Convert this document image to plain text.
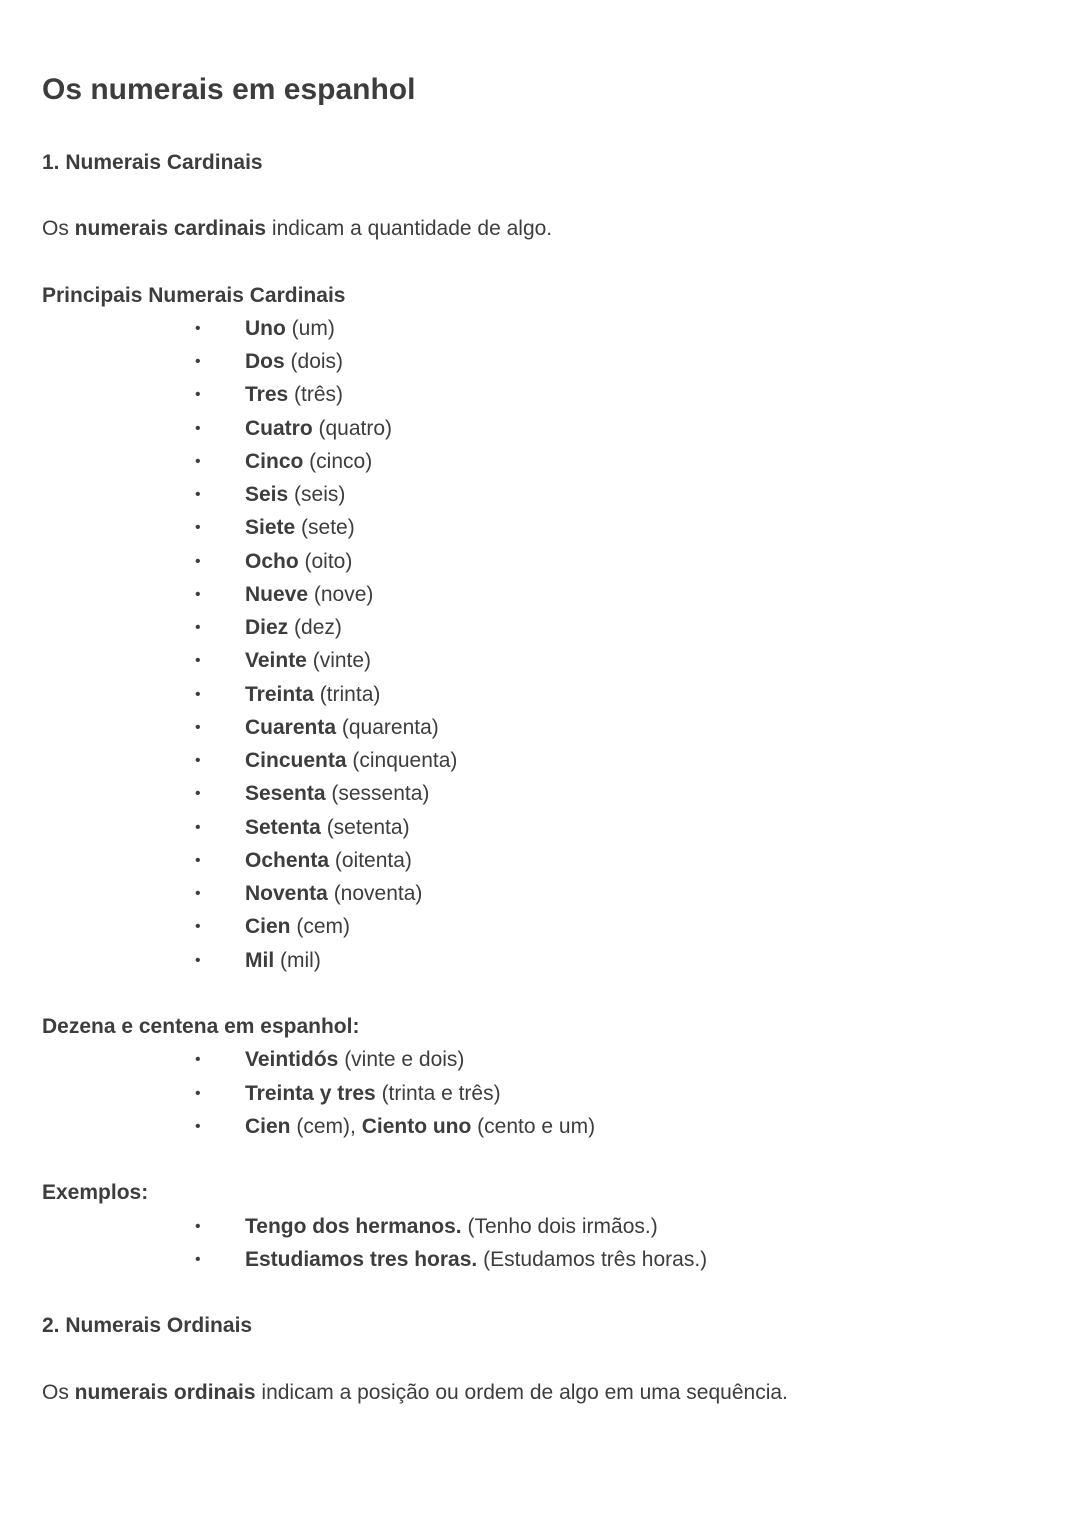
Os numerais em espanhol
1. Numerais Cardinais
Os numerais cardinais indicam a quantidade de algo.
Principais Numerais Cardinais
• Uno (um)
• Dos (dois)
• Tres (três)
• Cuatro (quatro)
• Cinco (cinco)
• Seis (seis)
• Siete (sete)
• Ocho (oito)
• Nueve (nove)
• Diez (dez)
• Veinte (vinte)
• Treinta (trinta)
• Cuarenta (quarenta)
• Cincuenta (cinquenta)
• Sesenta (sessenta)
• Setenta (setenta)
• Ochenta (oitenta)
• Noventa (noventa)
• Cien (cem)
• Mil (mil)
Dezena e centena em espanhol:
• Veintidós (vinte e dois)
• Treinta y tres (trinta e três)
• Cien (cem), Ciento uno (cento e um)
Exemplos:
• Tengo dos hermanos. (Tenho dois irmãos.)
• Estudiamos tres horas. (Estudamos três horas.)
2. Numerais Ordinais
Os numerais ordinais indicam a posição ou ordem de algo em uma sequência.
